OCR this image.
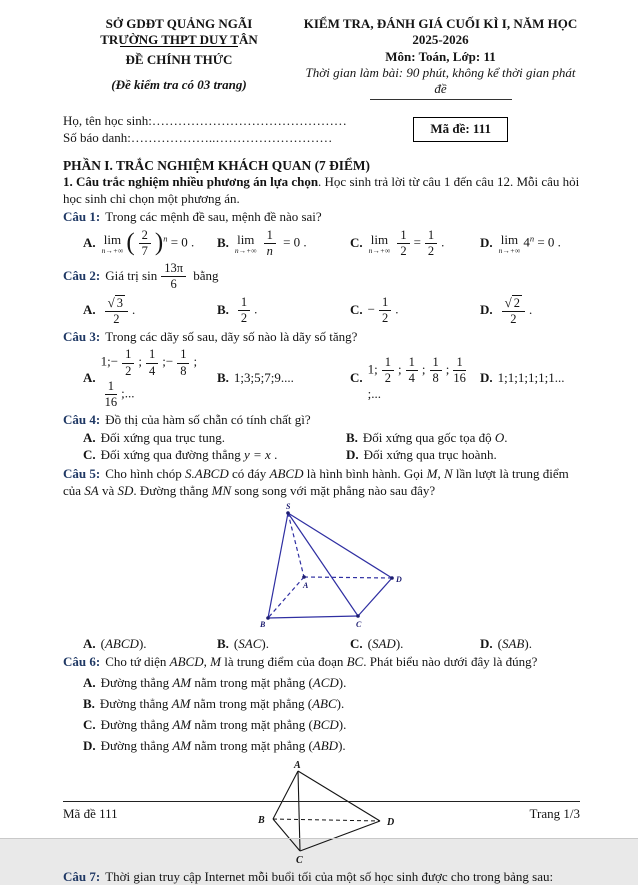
SỞ GDĐT QUẢNG NGÃI
TRƯỜNG THPT DUY TÂN
ĐỀ CHÍNH THỨC
(Đề kiểm tra có 03 trang)
KIỂM TRA, ĐÁNH GIÁ CUỐI KÌ I, NĂM HỌC 2025-2026
Môn: Toán, Lớp: 11
Thời gian làm bài: 90 phút, không kể thời gian phát đề
Họ, tên học sinh:………………………………………
Số báo danh:………………..………………………
Mã đề: 111
PHẦN I. TRẮC NGHIỆM KHÁCH QUAN (7 ĐIỂM)
1. Câu trắc nghiệm nhiều phương án lựa chọn. Học sinh trả lời từ câu 1 đến câu 12. Mỗi câu hỏi học sinh chỉ chọn một phương án.
Câu 1: Trong các mệnh đề sau, mệnh đề nào sai?
A. lim
n→+∞ ( $\frac{2}{7} )^n = 0$ . B. lim
$n\to+\infty \frac{1}{n} = 0$ .	C. lim
$n\to+\infty \frac{1}{2} = \frac{1}{2}$ .	D. lim
n→+∞
$4^n = 0$ .
Câu 2: Giá trị $\sin \frac{13\pi}{6}$ bằng
A. $\frac{√ 3}{2}$ .	B. $\frac{1}{2}$ .	C. − $\frac{1}{2}$ .	D. $\frac{√ 2}{2}$ .
Câu 3: Trong các dãy số sau, dãy số nào là dãy số tăng?
A.
1;− $\frac{1}{2}$ ; $\frac{1}{4}$ ;− $\frac{1}{8}$ ;
$\frac{1}{16}$ ;...
B. 1;3;5;7;9....	C.
1; $\frac{1}{2}$ ; $\frac{1}{4}$ ; $\frac{1}{8}$ ; $\frac{1}{16}$
;...
D. 1;1;1;1;1;1...
Câu 4: Đồ thị của hàm số chẵn có tính chất gì?
A. Đối xứng qua trục tung.	B. Đối xứng qua gốc tọa độ O.
C. Đối xứng qua đường thẳng y = x .	D. Đối xứng qua trục hoành.
Câu 5: Cho hình chóp S.ABCD có đáy ABCD là hình bình hành. Gọi M, N lần lượt là trung điểm của SA và SD. Đường thẳng MN song song với mặt phẳng nào sau đây?
S
A
B	C
D
A. (ABCD).	B. (SAC).	C. (SAD).	D. (SAB).
Câu 6: Cho tứ diện ABCD, M là trung điểm của đoạn BC. Phát biểu nào dưới đây là đúng?
A. Đường thẳng AM nằm trong mặt phẳng (ACD).
B. Đường thẳng AM nằm trong mặt phẳng (ABC).
C. Đường thẳng AM nằm trong mặt phẳng (BCD).
D. Đường thẳng AM nằm trong mặt phẳng (ABD).
A
B
C
D
Câu 7: Thời gian truy cập Internet mỗi buổi tối của một số học sinh được cho trong bảng sau:
Mã đề 111	Trang 1/3
